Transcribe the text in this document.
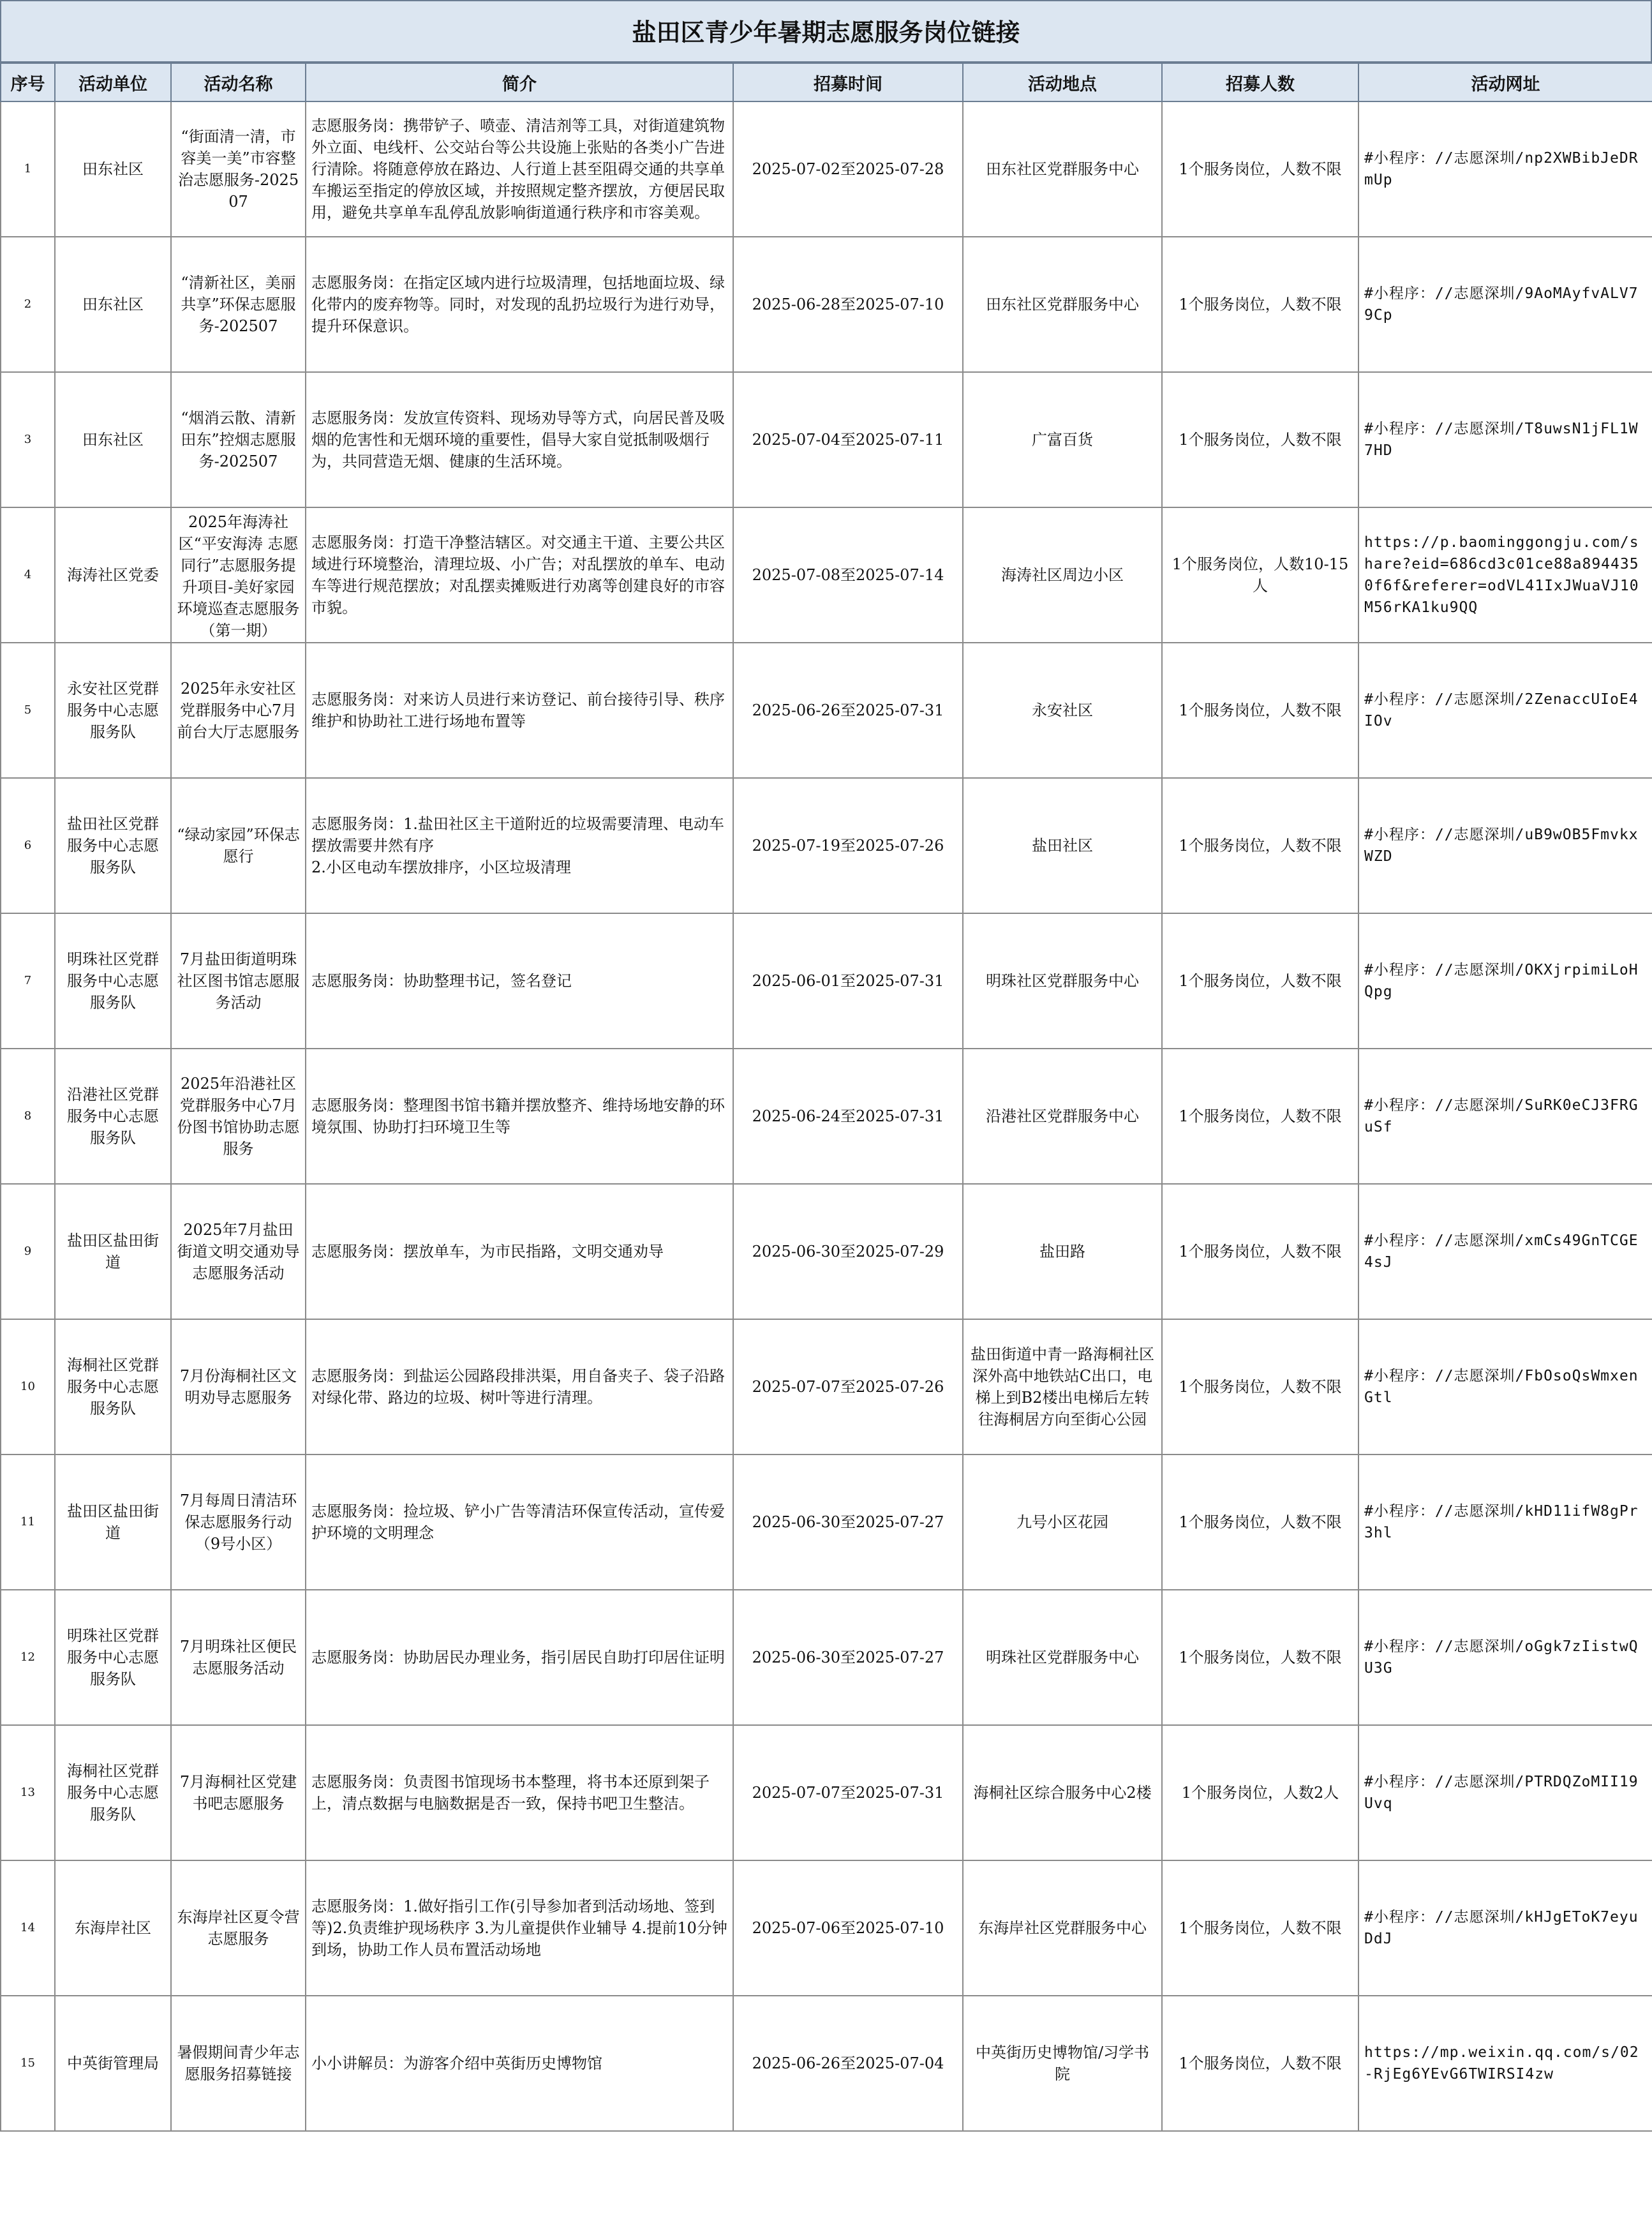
盐田区青少年暑期志愿服务岗位链接
序号	活动单位	活动名称	简介	招募时间	活动地点	招募人数	活动网址

1	田东社区	“街面清一清，市容美一美”市容整治志愿服务-202507	志愿服务岗：携带铲子、喷壶、清洁剂等工具，对街道建筑物外立面、电线杆、公交站台等公共设施上张贴的各类小广告进行清除。将随意停放在路边、人行道上甚至阻碍交通的共享单车搬运至指定的停放区域，并按照规定整齐摆放，方便居民取用，避免共享单车乱停乱放影响街道通行秩序和市容美观。	2025-07-02至2025-07-28	田东社区党群服务中心	1个服务岗位，人数不限	#小程序：//志愿深圳/np2XWBibJeDRmUp

2	田东社区	“清新社区，美丽共享”环保志愿服务-202507	志愿服务岗：在指定区域内进行垃圾清理，包括地面垃圾、绿化带内的废弃物等。同时，对发现的乱扔垃圾行为进行劝导，提升环保意识。	2025-06-28至2025-07-10	田东社区党群服务中心	1个服务岗位，人数不限	#小程序：//志愿深圳/9AoMAyfvALV79Cp

3	田东社区	“烟消云散、清新田东”控烟志愿服务-202507	志愿服务岗：发放宣传资料、现场劝导等方式，向居民普及吸烟的危害性和无烟环境的重要性，倡导大家自觉抵制吸烟行为，共同营造无烟、健康的生活环境。	2025-07-04至2025-07-11	广富百货	1个服务岗位，人数不限	#小程序：//志愿深圳/T8uwsN1jFL1W7HD

4	海涛社区党委	2025年海涛社区“平安海涛 志愿同行”志愿服务提升项目-美好家园环境巡查志愿服务（第一期）	志愿服务岗：打造干净整洁辖区。对交通主干道、主要公共区域进行环境整治，清理垃圾、小广告；对乱摆放的单车、电动车等进行规范摆放；对乱摆卖摊贩进行劝离等创建良好的市容市貌。	2025-07-08至2025-07-14	海涛社区周边小区	1个服务岗位，人数10-15人	https://p.baominggongju.com/share?eid=686cd3c01ce88a8944350f6f&referer=odVL41IxJWuaVJ10M56rKA1ku9QQ

5	永安社区党群服务中心志愿服务队	2025年永安社区党群服务中心7月前台大厅志愿服务	志愿服务岗：对来访人员进行来访登记、前台接待引导、秩序维护和协助社工进行场地布置等	2025-06-26至2025-07-31	永安社区	1个服务岗位，人数不限	#小程序：//志愿深圳/2ZenaccUIoE4IOv

6	盐田社区党群服务中心志愿服务队	“绿动家园”环保志愿行	志愿服务岗：1.盐田社区主干道附近的垃圾需要清理、电动车摆放需要井然有序
2.小区电动车摆放排序，小区垃圾清理	2025-07-19至2025-07-26	盐田社区	1个服务岗位，人数不限	#小程序：//志愿深圳/uB9wOB5FmvkxWZD

7	明珠社区党群服务中心志愿服务队	7月盐田街道明珠社区图书馆志愿服务活动	志愿服务岗：协助整理书记，签名登记	2025-06-01至2025-07-31	明珠社区党群服务中心	1个服务岗位，人数不限	#小程序：//志愿深圳/OKXjrpimiLoHQpg

8	沿港社区党群服务中心志愿服务队	2025年沿港社区党群服务中心7月份图书馆协助志愿服务	志愿服务岗：整理图书馆书籍并摆放整齐、维持场地安静的环境氛围、协助打扫环境卫生等	2025-06-24至2025-07-31	沿港社区党群服务中心	1个服务岗位，人数不限	#小程序：//志愿深圳/SuRK0eCJ3FRGuSf

9	盐田区盐田街道	2025年7月盐田街道文明交通劝导志愿服务活动	志愿服务岗：摆放单车，为市民指路，文明交通劝导	2025-06-30至2025-07-29	盐田路	1个服务岗位，人数不限	#小程序：//志愿深圳/xmCs49GnTCGE4sJ

10	海桐社区党群服务中心志愿服务队	7月份海桐社区文明劝导志愿服务	志愿服务岗：到盐运公园路段排洪渠，用自备夹子、袋子沿路对绿化带、路边的垃圾、树叶等进行清理。	2025-07-07至2025-07-26	盐田街道中青一路海桐社区深外高中地铁站C出口，电梯上到B2楼出电梯后左转往海桐居方向至街心公园	1个服务岗位，人数不限	#小程序：//志愿深圳/FbOsoQsWmxenGtl

11	盐田区盐田街道	7月每周日清洁环保志愿服务行动（9号小区）	志愿服务岗：捡垃圾、铲小广告等清洁环保宣传活动，宣传爱护环境的文明理念	2025-06-30至2025-07-27	九号小区花园	1个服务岗位，人数不限	#小程序：//志愿深圳/kHD11ifW8gPr3hl

12	明珠社区党群服务中心志愿服务队	7月明珠社区便民志愿服务活动	志愿服务岗：协助居民办理业务，指引居民自助打印居住证明	2025-06-30至2025-07-27	明珠社区党群服务中心	1个服务岗位，人数不限	#小程序：//志愿深圳/oGgk7zIistwQU3G

13	海桐社区党群服务中心志愿服务队	7月海桐社区党建书吧志愿服务	志愿服务岗：负责图书馆现场书本整理，将书本还原到架子上，清点数据与电脑数据是否一致，保持书吧卫生整洁。	2025-07-07至2025-07-31	海桐社区综合服务中心2楼	1个服务岗位，人数2人	#小程序：//志愿深圳/PTRDQZoMII19Uvq

14	东海岸社区	东海岸社区夏令营志愿服务	志愿服务岗：1.做好指引工作(引导参加者到活动场地、签到等)2.负责维护现场秩序 3.为儿童提供作业辅导 4.提前10分钟到场，协助工作人员布置活动场地	2025-07-06至2025-07-10	东海岸社区党群服务中心	1个服务岗位，人数不限	#小程序：//志愿深圳/kHJgEToK7eyuDdJ

15	中英街管理局	暑假期间青少年志愿服务招募链接	小小讲解员：为游客介绍中英街历史博物馆	2025-06-26至2025-07-04	中英街历史博物馆/习学书院	1个服务岗位，人数不限	https://mp.weixin.qq.com/s/02-RjEg6YEvG6TWIRSI4zw
